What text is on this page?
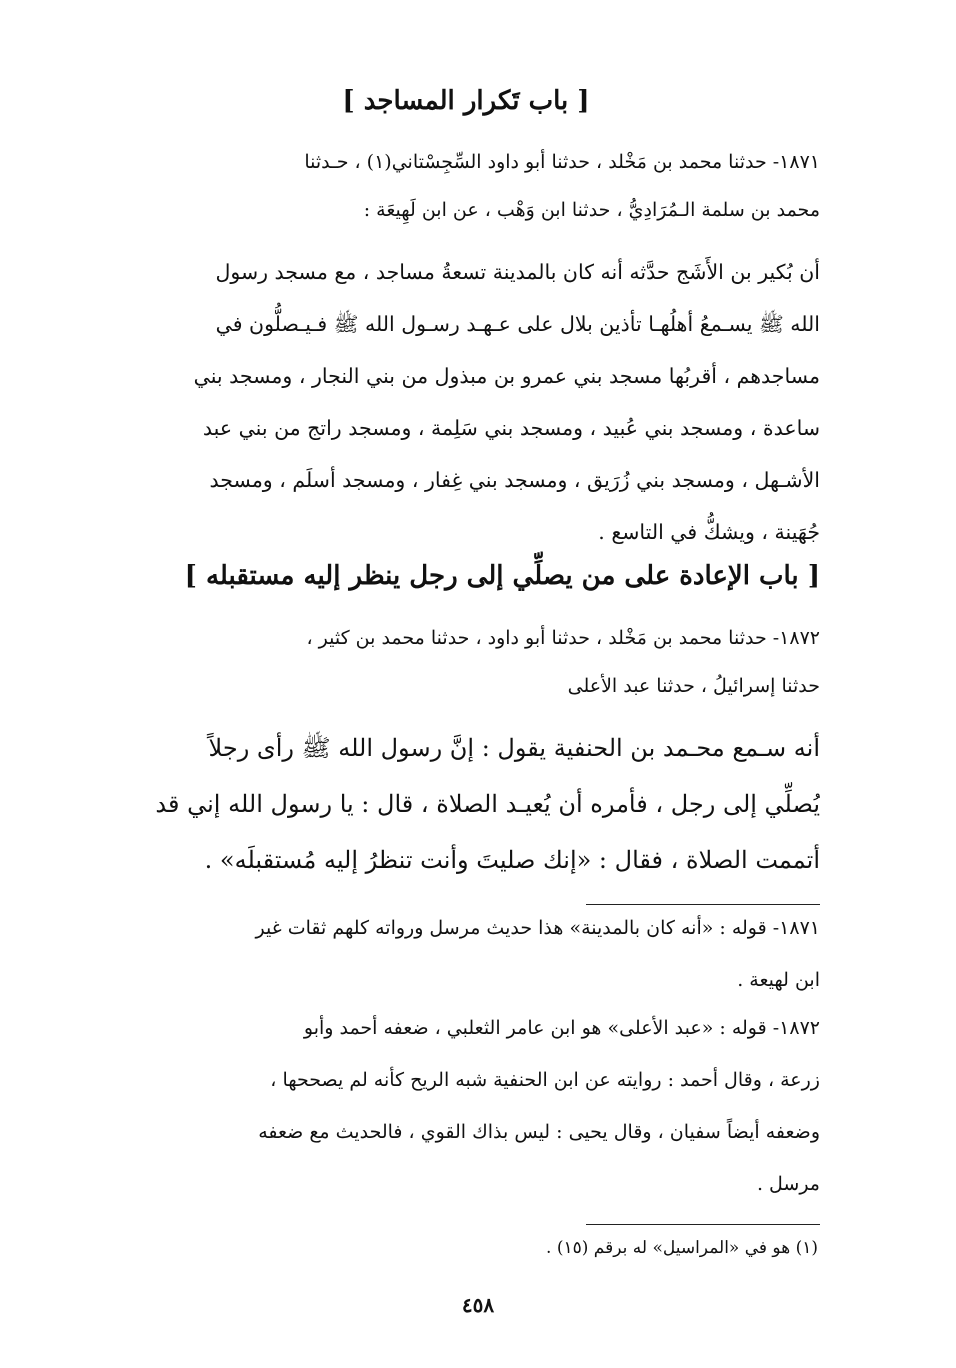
[ باب تَكرار المساجد ]
١٨٧١- حدثنا محمد بن مَخْلد ، حدثنا أبو داود السِّجِسْتاني(١) ، حـدثنا
محمد بن سلمة الـمُرَادِيُّ ، حدثنا ابن وَهْب ، عن ابن لَهِيعَة :
أن بُكير بن الأَشَج حدَّثه أنه كان بالمدينة تسعةُ مساجد ، مع مسجد رسول
الله ﷺ يسـمعُ أهلُهـا تأذين بلال على عـهـد رسـول الله ﷺ فـيـصلُّون في
مساجدهم ، أقربُها مسجد بني عمرو بن مبذول من بني النجار ، ومسجد بني
ساعدة ، ومسجد بني عُبيد ، ومسجد بني سَلِمة ، ومسجد راتج من بني عبد
الأشـهل ، ومسجد بني زُرَيق ، ومسجد بني غِفار ، ومسجد أسلَم ، ومسجد
جُهَينة ، ويشكُّ في التاسع .
[ باب الإعادة على من يصلِّي إلى رجل ينظر إليه مستقبله ]
١٨٧٢- حدثنا محمد بن مَخْلد ، حدثنا أبو داود ، حدثنا محمد بن كثير ،
حدثنا إسرائيلُ ، حدثنا عبد الأعلى
أنه سـمع محـمد بن الحنفية يقول : إنَّ رسول الله ﷺ رأى رجلاً
يُصلِّي إلى رجل ، فأمره أن يُعيـد الصلاة ، قال : يا رسول الله إني قد
أتممت الصلاة ، فقال : «إنك صليتَ وأنت تنظرُ إليه مُستقبلَه» .
١٨٧١- قوله : «أنه كان بالمدينة» هذا حديث مرسل ورواته كلهم ثقات غير
ابن لهيعة .
١٨٧٢- قوله : «عبد الأعلى» هو ابن عامر الثعلبي ، ضعفه أحمد وأبو
زرعة ، وقال أحمد : روايته عن ابن الحنفية شبه الريح كأنه لم يصححها ،
وضعفه أيضاً سفيان ، وقال يحيى : ليس بذاك القوي ، فالحديث مع ضعفه
مرسل .
(١) هو في «المراسيل» له برقم (١٥) .
٤٥٨
